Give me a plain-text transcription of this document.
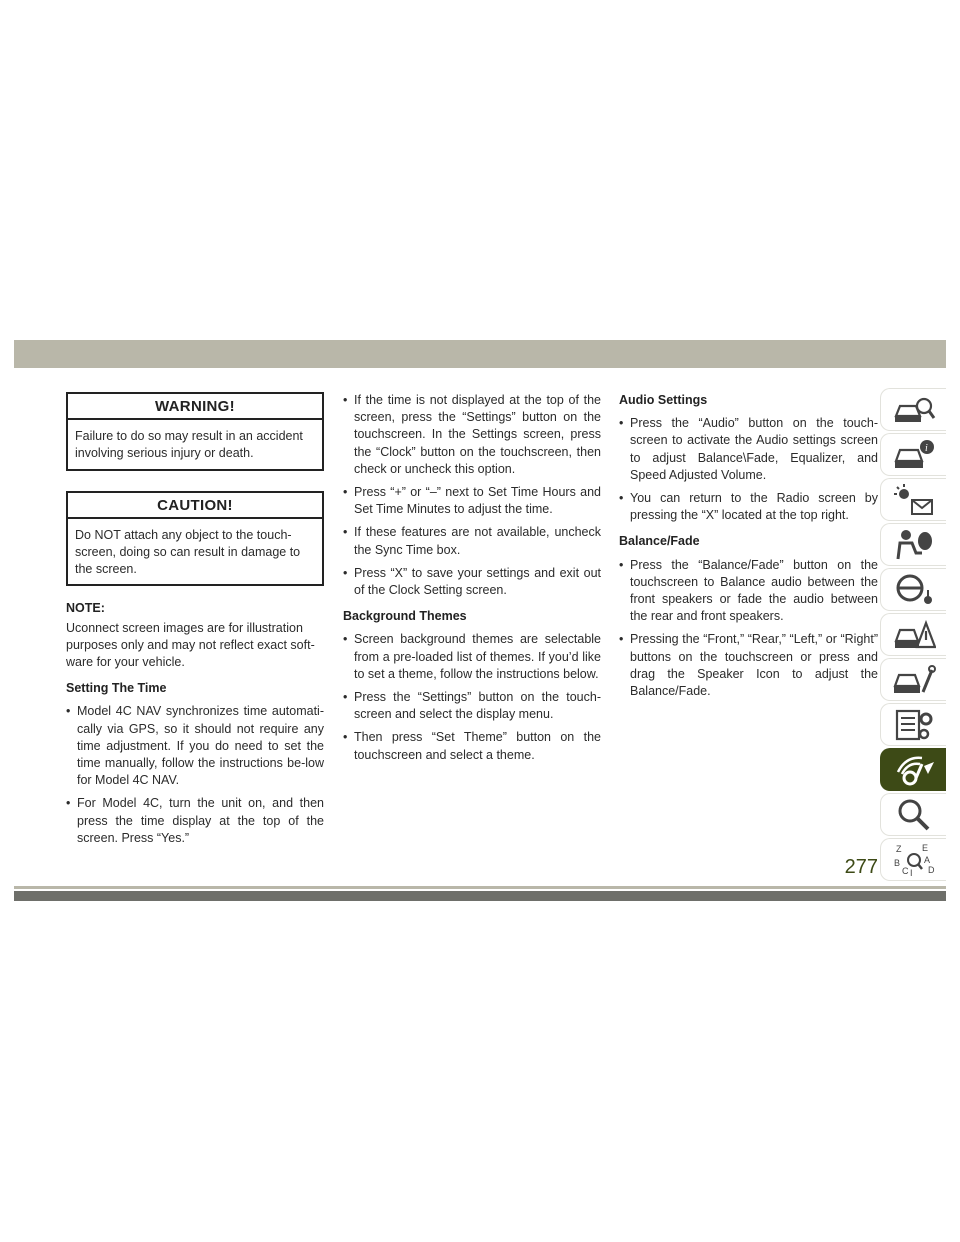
WARNING!
Failure to do so may result in an accident involving serious injury or death.
CAUTION!
Do NOT attach any object to the touch-screen, doing so can result in damage to the screen.
NOTE:
Uconnect screen images are for illustration purposes only and may not reflect exact soft-ware for your vehicle.
Setting The Time
• Model 4C NAV synchronizes time automati-cally via GPS, so it should not require any time adjustment. If you do need to set the time manually, follow the instructions be-low for Model 4C NAV.
• For Model 4C, turn the unit on, and then press the time display at the top of the screen. Press “Yes.”
• If the time is not displayed at the top of the screen, press the “Settings” button on the touchscreen. In the Settings screen, press the “Clock” button on the touchscreen, then check or uncheck this option.
• Press “+” or “–” next to Set Time Hours and Set Time Minutes to adjust the time.
• If these features are not available, uncheck the Sync Time box.
• Press “X” to save your settings and exit out of the Clock Setting screen.
Background Themes
• Screen background themes are selectable from a pre-loaded list of themes. If you’d like to set a theme, follow the instructions below.
• Press the “Settings” button on the touch-screen and select the display menu.
• Then press “Set Theme” button on the touchscreen and select a theme.
Audio Settings
• Press the “Audio” button on the touch-screen to activate the Audio settings screen to adjust Balance\Fade, Equalizer, and Speed Adjusted Volume.
• You can return to the Radio screen by pressing the “X” located at the top right.
Balance/Fade
• Press the “Balance/Fade” button on the touchscreen to Balance audio between the front speakers or fade the audio between the rear and front speakers.
• Pressing the “Front,” “Rear,” “Left,” or “Right” buttons on the touchscreen or press and drag the Speaker Icon to adjust the Balance/Fade.
i
Z E
B	A
C D
I
277
